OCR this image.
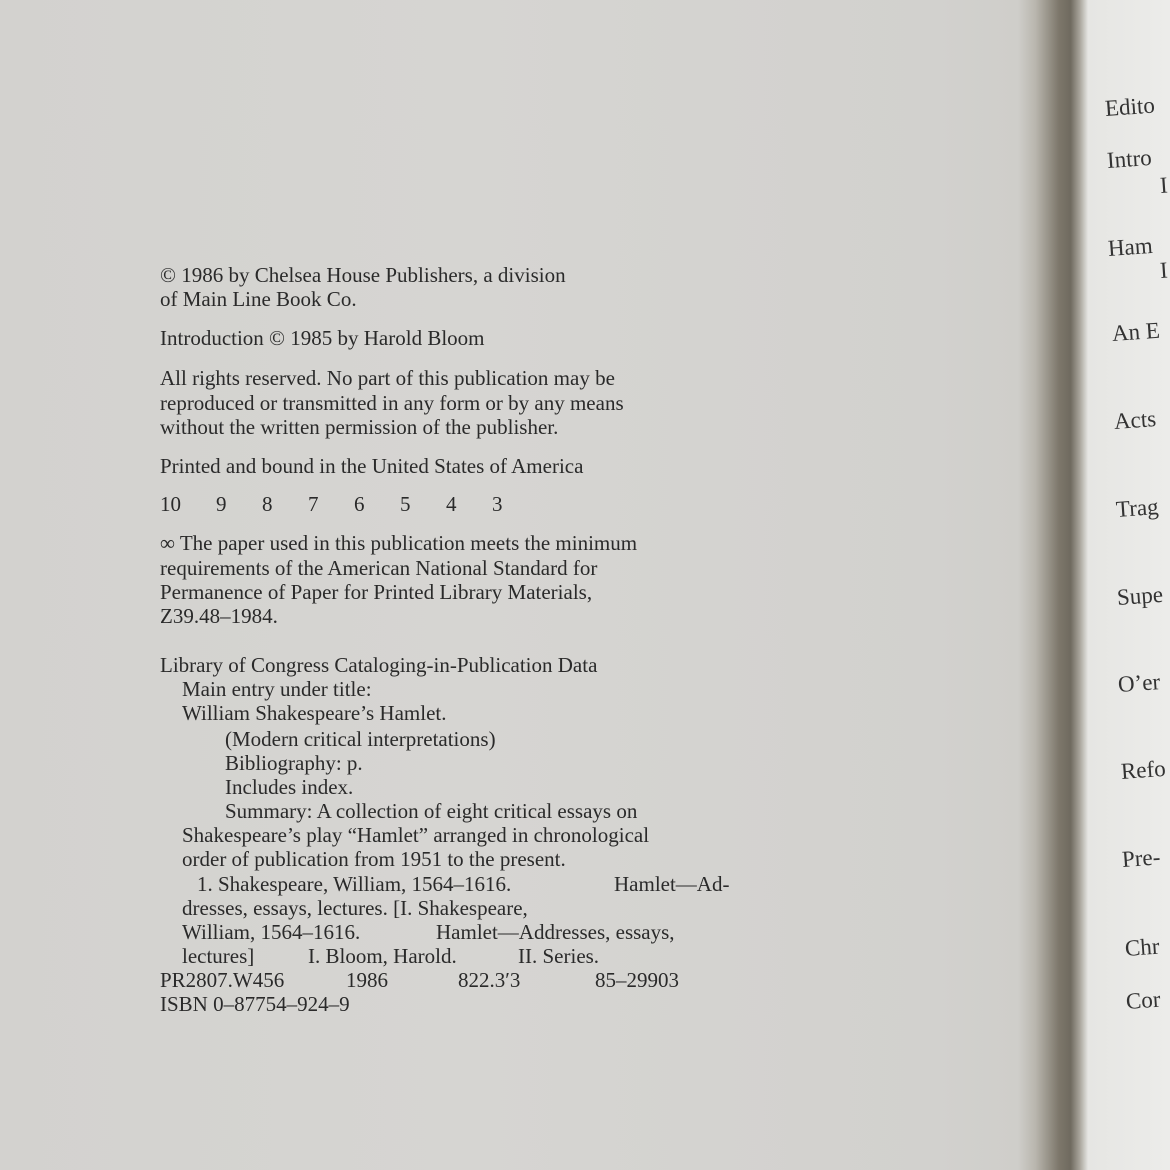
© 1986 by Chelsea House Publishers, a division
of Main Line Book Co.
Introduction © 1985 by Harold Bloom
All rights reserved. No part of this publication may be
reproduced or transmitted in any form or by any means
without the written permission of the publisher.
Printed and bound in the United States of America
10 9 8 7 6 5 4 3
∞ The paper used in this publication meets the minimum
requirements of the American National Standard for
Permanence of Paper for Printed Library Materials,
Z39.48–1984.
Library of Congress Cataloging-in-Publication Data
Main entry under title:
William Shakespeare’s Hamlet.
(Modern critical interpretations)
Bibliography: p.
Includes index.
Summary: A collection of eight critical essays on
Shakespeare’s play “Hamlet” arranged in chronological
order of publication from 1951 to the present.
1. Shakespeare, William, 1564–1616.	Hamlet—Ad-
dresses, essays, lectures. [I. Shakespeare,
William, 1564–1616.	Hamlet—Addresses, essays,
lectures]	I. Bloom, Harold.	II. Series.
PR2807.W456	1986	822.3′3	85–29903
ISBN 0–87754–924–9
Edito
Intro
I
Ham
I
An E
Acts
Trag
Supe
O’er
Refo
Pre-
Chr
Cor
